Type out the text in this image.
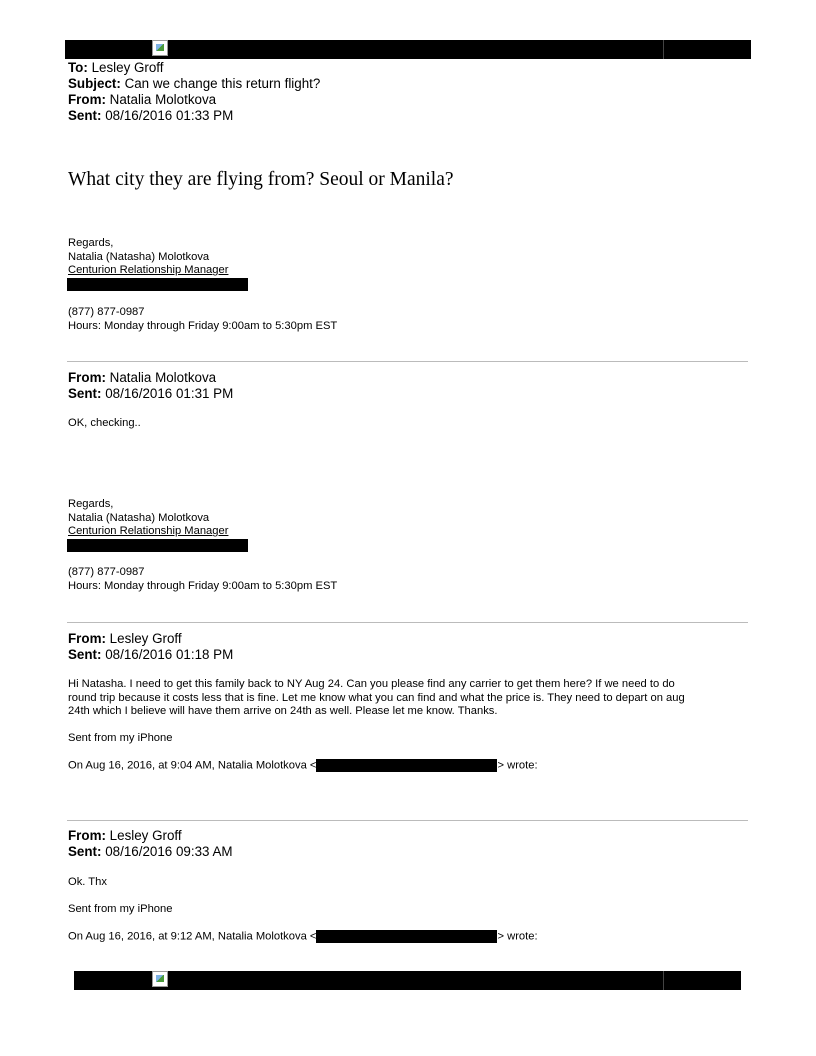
To: Lesley Groff

Subject: Can we change this return flight?

From: Natalia Molotkova

Sent: 08/16/2016 01:33 PM

What city they are flying from? Seoul or Manila?

Regards,

Natalia (Natasha) Molotkova

Centurion Relationship Manager

(877) 877-0987

Hours: Monday through Friday 9:00am to 5:30pm EST

From: Natalia Molotkova

Sent: 08/16/2016 01:31 PM

OK, checking..

Regards,

Natalia (Natasha) Molotkova

Centurion Relationship Manager

(877) 877-0987

Hours: Monday through Friday 9:00am to 5:30pm EST

From: Lesley Groff

Sent: 08/16/2016 01:18 PM

Hi Natasha. I need to get this family back to NY Aug 24. Can you please find any carrier to get them here? If we need to do

round trip because it costs less that is fine. Let me know what you can find and what the price is. They need to depart on aug

24th which I believe will have them arrive on 24th as well. Please let me know. Thanks.

Sent from my iPhone
On Aug 16, 2016, at 9:04 AM, Natalia Molotkova <	> wrote:

From: Lesley Groff

Sent: 08/16/2016 09:33 AM

Ok. Thx
Sent from my iPhone
On Aug 16, 2016, at 9:12 AM, Natalia Molotkova <	> wrote:
